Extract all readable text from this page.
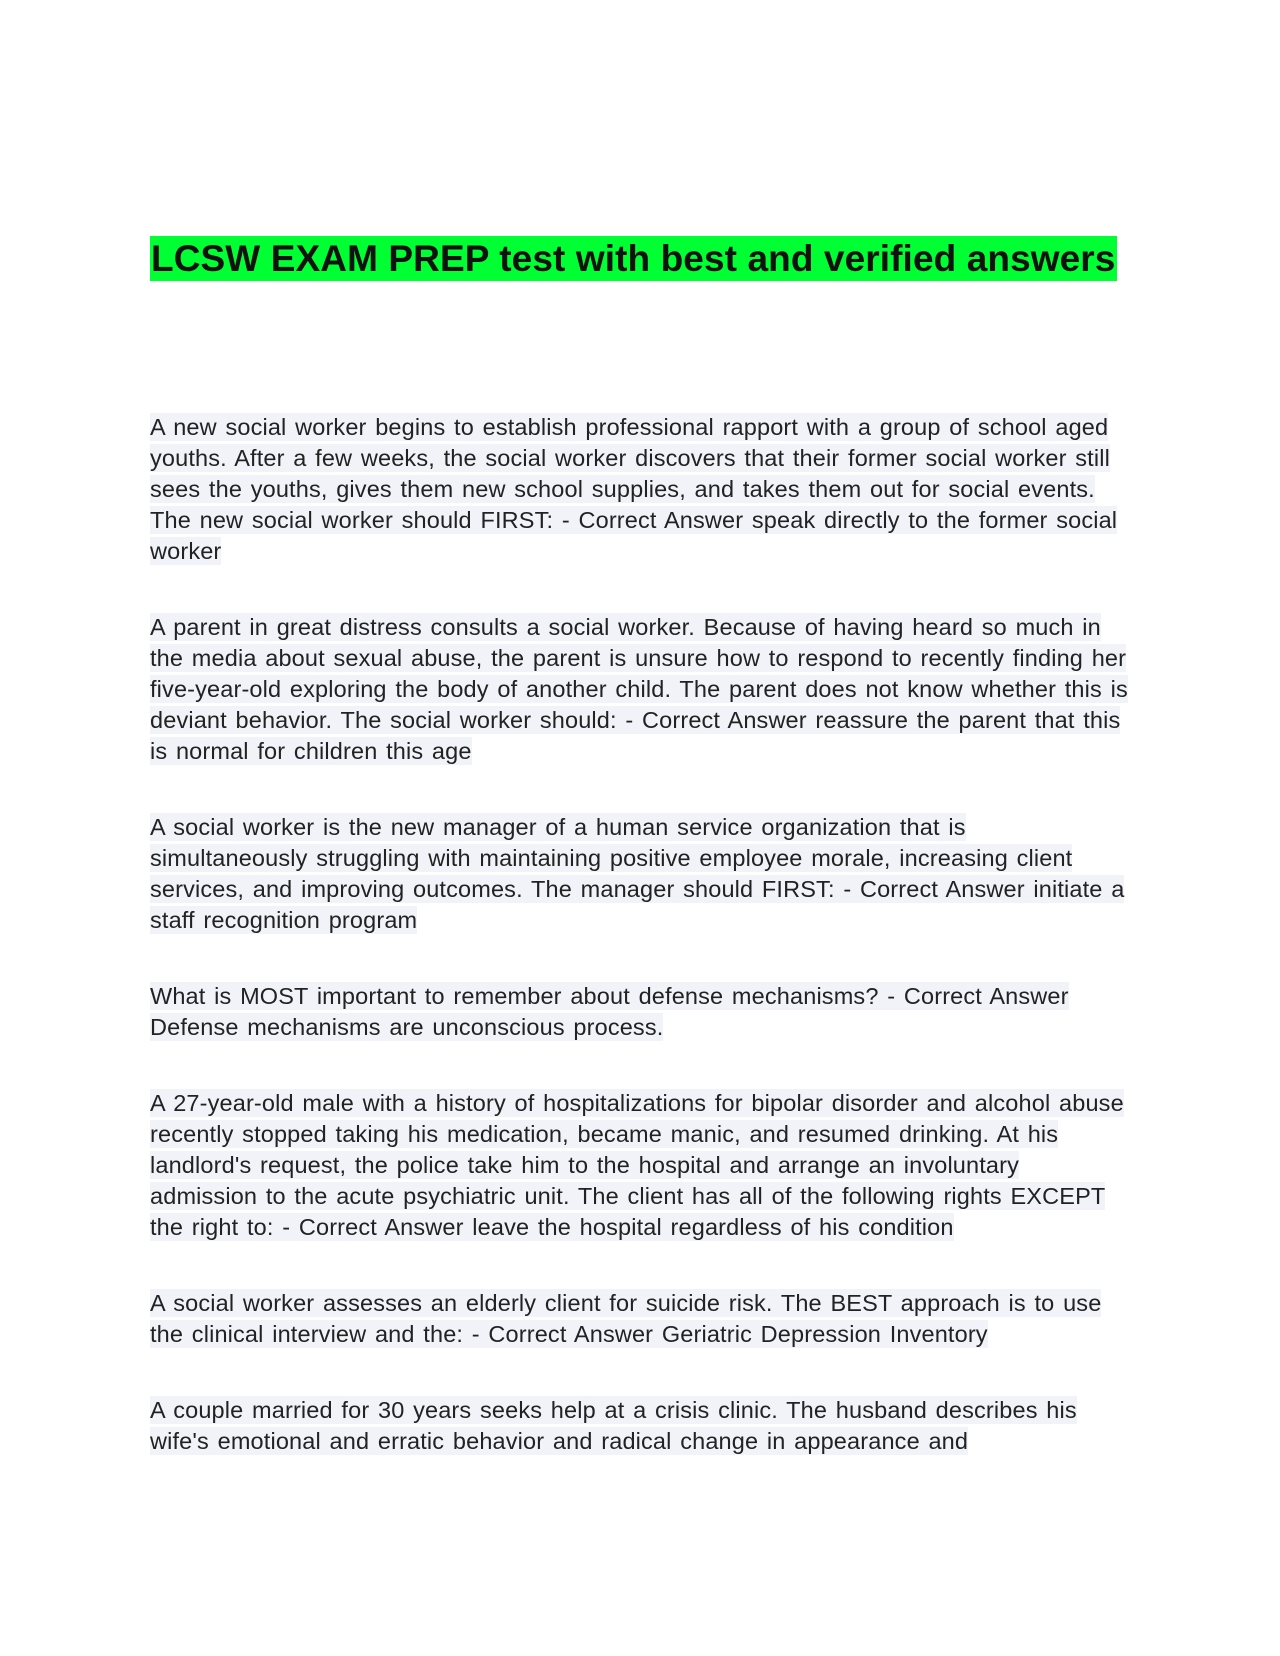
LCSW EXAM PREP test with best and verified answers

A new social worker begins to establish professional rapport with a group of school aged youths. After a few weeks, the social worker discovers that their former social worker still sees the youths, gives them new school supplies, and takes them out for social events. The new social worker should FIRST: - Correct Answer speak directly to the former social worker

A parent in great distress consults a social worker. Because of having heard so much in the media about sexual abuse, the parent is unsure how to respond to recently finding her five-year-old exploring the body of another child. The parent does not know whether this is deviant behavior. The social worker should: - Correct Answer reassure the parent that this is normal for children this age

A social worker is the new manager of a human service organization that is simultaneously struggling with maintaining positive employee morale, increasing client services, and improving outcomes. The manager should FIRST: - Correct Answer initiate a staff recognition program

What is MOST important to remember about defense mechanisms? - Correct Answer Defense mechanisms are unconscious process.

A 27-year-old male with a history of hospitalizations for bipolar disorder and alcohol abuse recently stopped taking his medication, became manic, and resumed drinking. At his landlord's request, the police take him to the hospital and arrange an involuntary admission to the acute psychiatric unit. The client has all of the following rights EXCEPT the right to: - Correct Answer leave the hospital regardless of his condition

A social worker assesses an elderly client for suicide risk. The BEST approach is to use the clinical interview and the: - Correct Answer Geriatric Depression Inventory

A couple married for 30 years seeks help at a crisis clinic. The husband describes his wife's emotional and erratic behavior and radical change in appearance and
